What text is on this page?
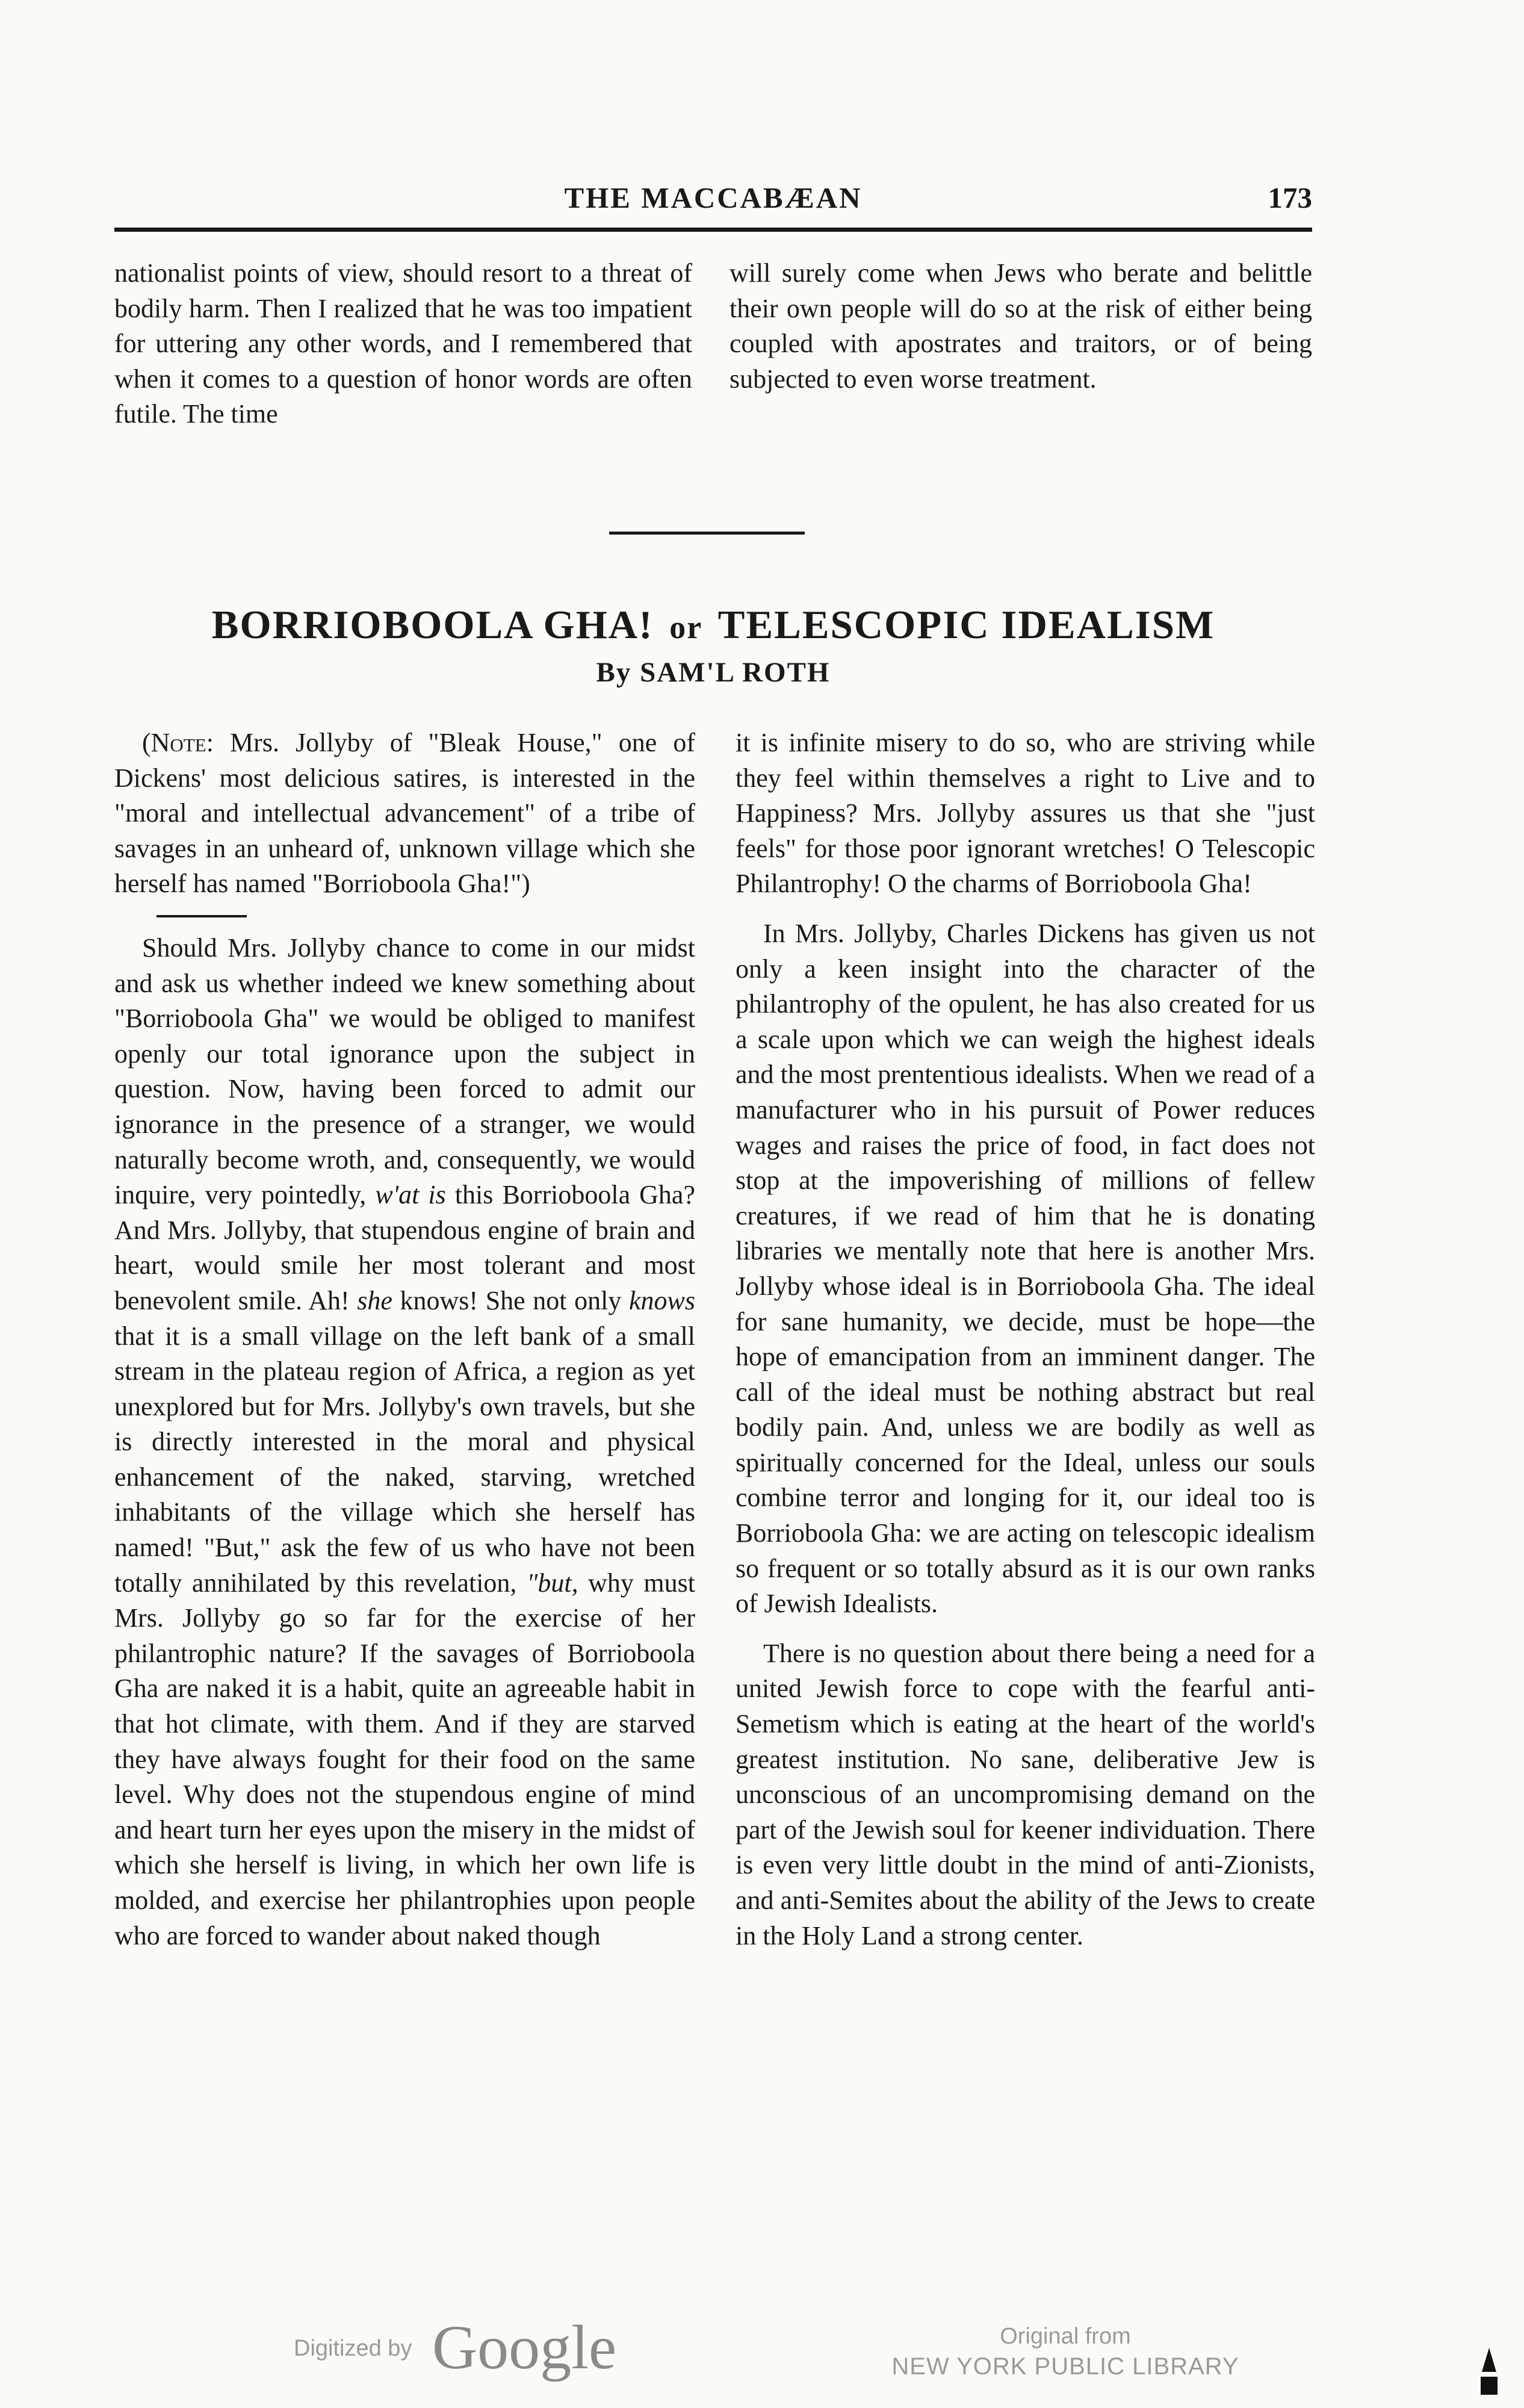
THE MACCABÆAN	173

nationalist points of view, should resort to a threat of bodily harm. Then I realized that he was too impatient for uttering any other words, and I remembered that when it comes to a question of honor words are often futile. The time

will surely come when Jews who berate and belittle their own people will do so at the risk of either being coupled with apostrates and traitors, or of being subjected to even worse treatment.

BORRIOBOOLA GHA! or TELESCOPIC IDEALISM
By SAM'L ROTH

(Note: Mrs. Jollyby of "Bleak House," one of Dickens' most delicious satires, is interested in the "moral and intellectual advancement" of a tribe of savages in an unheard of, unknown village which she herself has named "Borrioboola Gha!")

Should Mrs. Jollyby chance to come in our midst and ask us whether indeed we knew something about "Borrioboola Gha" we would be obliged to manifest openly our total ignorance upon the subject in question. Now, having been forced to admit our ignorance in the presence of a stranger, we would naturally become wroth, and, consequently, we would inquire, very pointedly, w'at is this Borrioboola Gha? And Mrs. Jollyby, that stupendous engine of brain and heart, would smile her most tolerant and most benevolent smile. Ah! she knows! She not only knows that it is a small village on the left bank of a small stream in the plateau region of Africa, a region as yet unexplored but for Mrs. Jollyby's own travels, but she is directly interested in the moral and physical enhancement of the naked, starving, wretched inhabitants of the village which she herself has named! "But," ask the few of us who have not been totally annihilated by this revelation, "but, why must Mrs. Jollyby go so far for the exercise of her philantrophic nature? If the savages of Borrioboola Gha are naked it is a habit, quite an agreeable habit in that hot climate, with them. And if they are starved they have always fought for their food on the same level. Why does not the stupendous engine of mind and heart turn her eyes upon the misery in the midst of which she herself is living, in which her own life is molded, and exercise her philantrophies upon people who are forced to wander about naked though

it is infinite misery to do so, who are striving while they feel within themselves a right to Live and to Happiness? Mrs. Jollyby assures us that she "just feels" for those poor ignorant wretches! O Telescopic Philantrophy! O the charms of Borrioboola Gha!

In Mrs. Jollyby, Charles Dickens has given us not only a keen insight into the character of the philantrophy of the opulent, he has also created for us a scale upon which we can weigh the highest ideals and the most prententious idealists. When we read of a manufacturer who in his pursuit of Power reduces wages and raises the price of food, in fact does not stop at the impoverishing of millions of fellew creatures, if we read of him that he is donating libraries we mentally note that here is another Mrs. Jollyby whose ideal is in Borrioboola Gha. The ideal for sane humanity, we decide, must be hope—the hope of emancipation from an imminent danger. The call of the ideal must be nothing abstract but real bodily pain. And, unless we are bodily as well as spiritually concerned for the Ideal, unless our souls combine terror and longing for it, our ideal too is Borrioboola Gha: we are acting on telescopic idealism so frequent or so totally absurd as it is our own ranks of Jewish Idealists.

There is no question about there being a need for a united Jewish force to cope with the fearful anti-Semetism which is eating at the heart of the world's greatest institution. No sane, deliberative Jew is unconscious of an uncompromising demand on the part of the Jewish soul for keener individuation. There is even very little doubt in the mind of anti-Zionists, and anti-Semites about the ability of the Jews to create in the Holy Land a strong center.

Digitized by Google	Original from
NEW YORK PUBLIC LIBRARY
